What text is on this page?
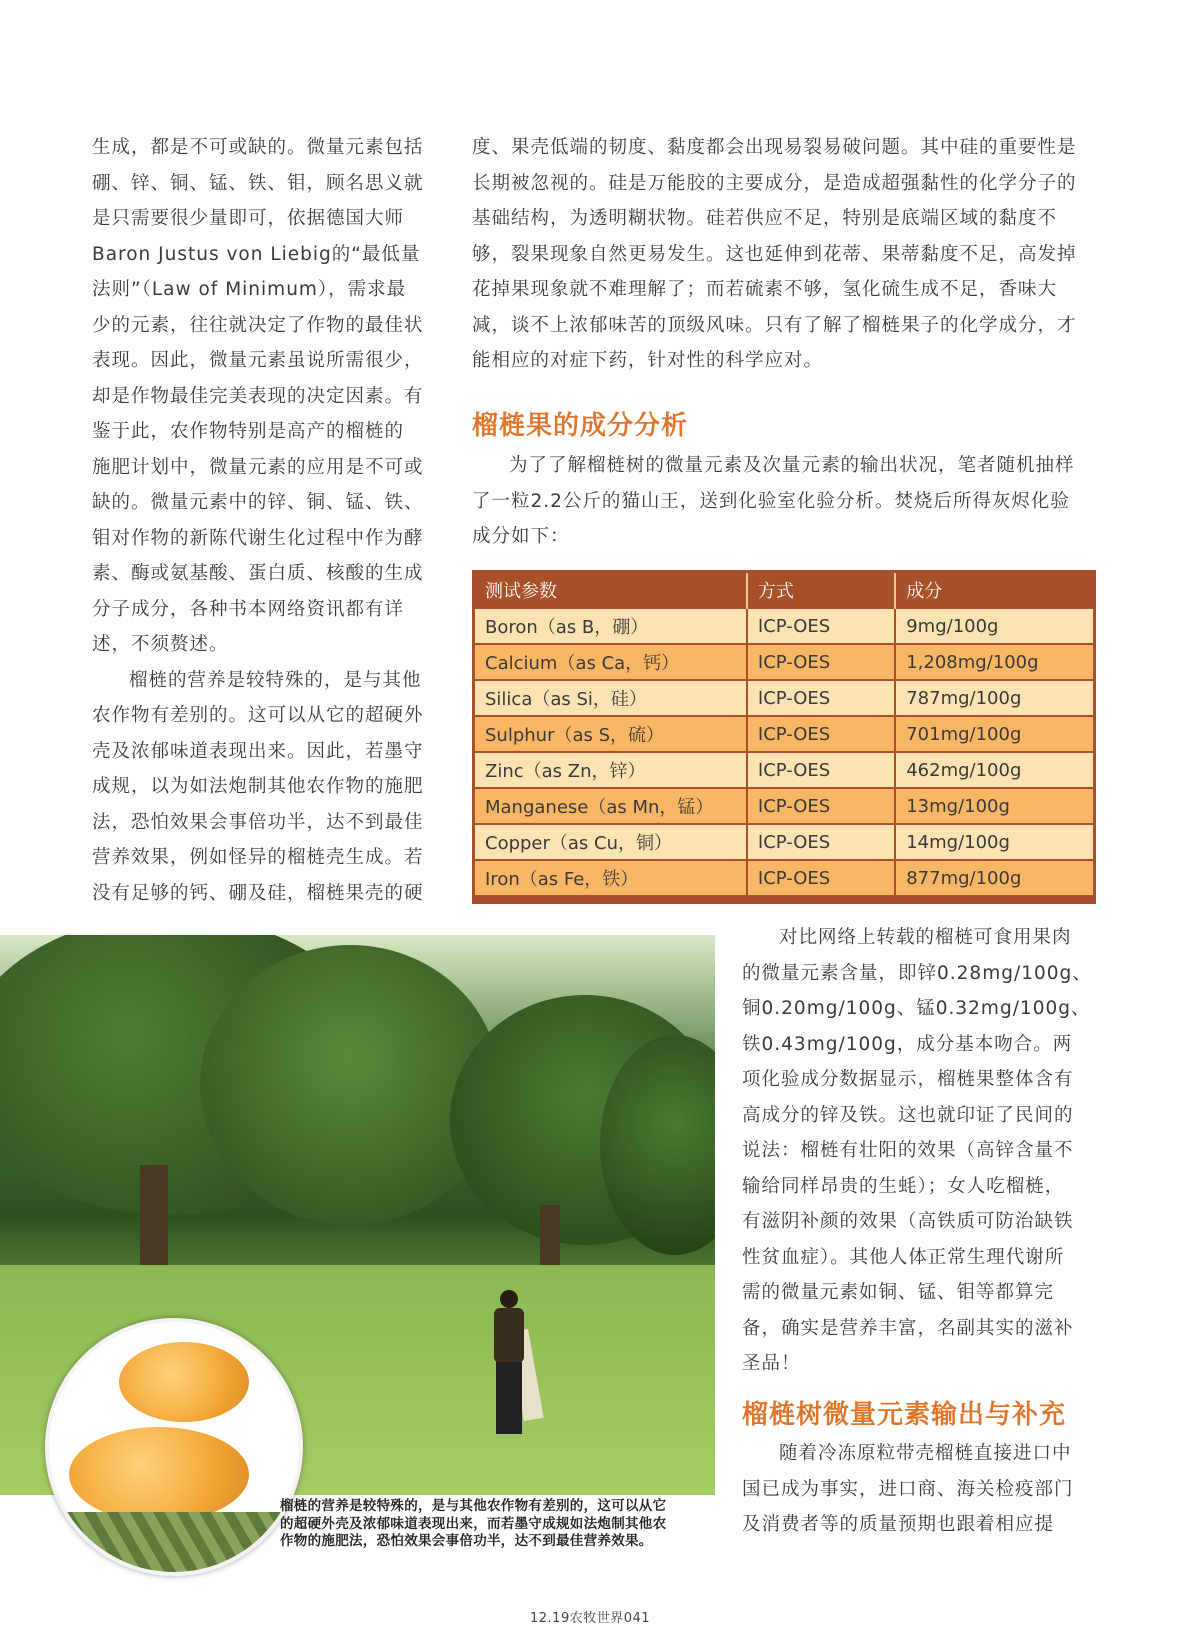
生成，都是不可或缺的。微量元素包括

硼、锌、铜、锰、铁、钼，顾名思义就

是只需要很少量即可，依据德国大师

Baron Justus von Liebig的“最低量

法则”（Law of Minimum），需求最

少的元素，往往就决定了作物的最佳状

表现。因此，微量元素虽说所需很少，

却是作物最佳完美表现的决定因素。有

鉴于此，农作物特别是高产的榴梿的

施肥计划中，微量元素的应用是不可或

缺的。微量元素中的锌、铜、锰、铁、

钼对作物的新陈代谢生化过程中作为酵

素、酶或氨基酸、蛋白质、核酸的生成

分子成分，各种书本网络资讯都有详

述，不须赘述。

榴梿的营养是较特殊的，是与其他

农作物有差别的。这可以从它的超硬外

壳及浓郁味道表现出来。因此，若墨守

成规，以为如法炮制其他农作物的施肥

法，恐怕效果会事倍功半，达不到最佳

营养效果，例如怪异的榴梿壳生成。若

没有足够的钙、硼及硅，榴梿果壳的硬

度、果壳低端的韧度、黏度都会出现易裂易破问题。其中硅的重要性是

长期被忽视的。硅是万能胶的主要成分，是造成超强黏性的化学分子的

基础结构，为透明糊状物。硅若供应不足，特别是底端区域的黏度不

够，裂果现象自然更易发生。这也延伸到花蒂、果蒂黏度不足，高发掉

花掉果现象就不难理解了；而若硫素不够，氢化硫生成不足，香味大

减，谈不上浓郁味苦的顶级风味。只有了解了榴梿果子的化学成分，才

能相应的对症下药，针对性的科学应对。

榴梿果的成分分析

为了了解榴梿树的微量元素及次量元素的输出状况，笔者随机抽样

了一粒2.2公斤的猫山王，送到化验室化验分析。焚烧后所得灰烬化验

成分如下：

测试参数	方式	成分
Boron（as B，硼）	ICP-OES	9mg/100g
Calcium（as Ca，钙）	ICP-OES	1,208mg/100g
Silica（as Si，硅）	ICP-OES	787mg/100g
Sulphur（as S，硫）	ICP-OES	701mg/100g
Zinc（as Zn，锌）	ICP-OES	462mg/100g
Manganese（as Mn，锰）	ICP-OES	13mg/100g
Copper（as Cu，铜）	ICP-OES	14mg/100g
Iron（as Fe，铁）	ICP-OES	877mg/100g
榴梿的营养是较特殊的，是与其他农作物有差别的，这可以从它
的超硬外壳及浓郁味道表现出来，而若墨守成规如法炮制其他农
作物的施肥法，恐怕效果会事倍功半，达不到最佳营养效果。

对比网络上转载的榴梿可食用果肉

的微量元素含量，即锌0.28mg/100g、

铜0.20mg/100g、锰0.32mg/100g、

铁0.43mg/100g，成分基本吻合。两

项化验成分数据显示，榴梿果整体含有

高成分的锌及铁。这也就印证了民间的

说法：榴梿有壮阳的效果（高锌含量不

输给同样昂贵的生蚝）；女人吃榴梿，

有滋阴补颜的效果（高铁质可防治缺铁

性贫血症）。其他人体正常生理代谢所

需的微量元素如铜、锰、钼等都算完

备，确实是营养丰富，名副其实的滋补

圣品！

榴梿树微量元素输出与补充

随着冷冻原粒带壳榴梿直接进口中

国已成为事实，进口商、海关检疫部门

及消费者等的质量预期也跟着相应提

12.19农牧世界041
